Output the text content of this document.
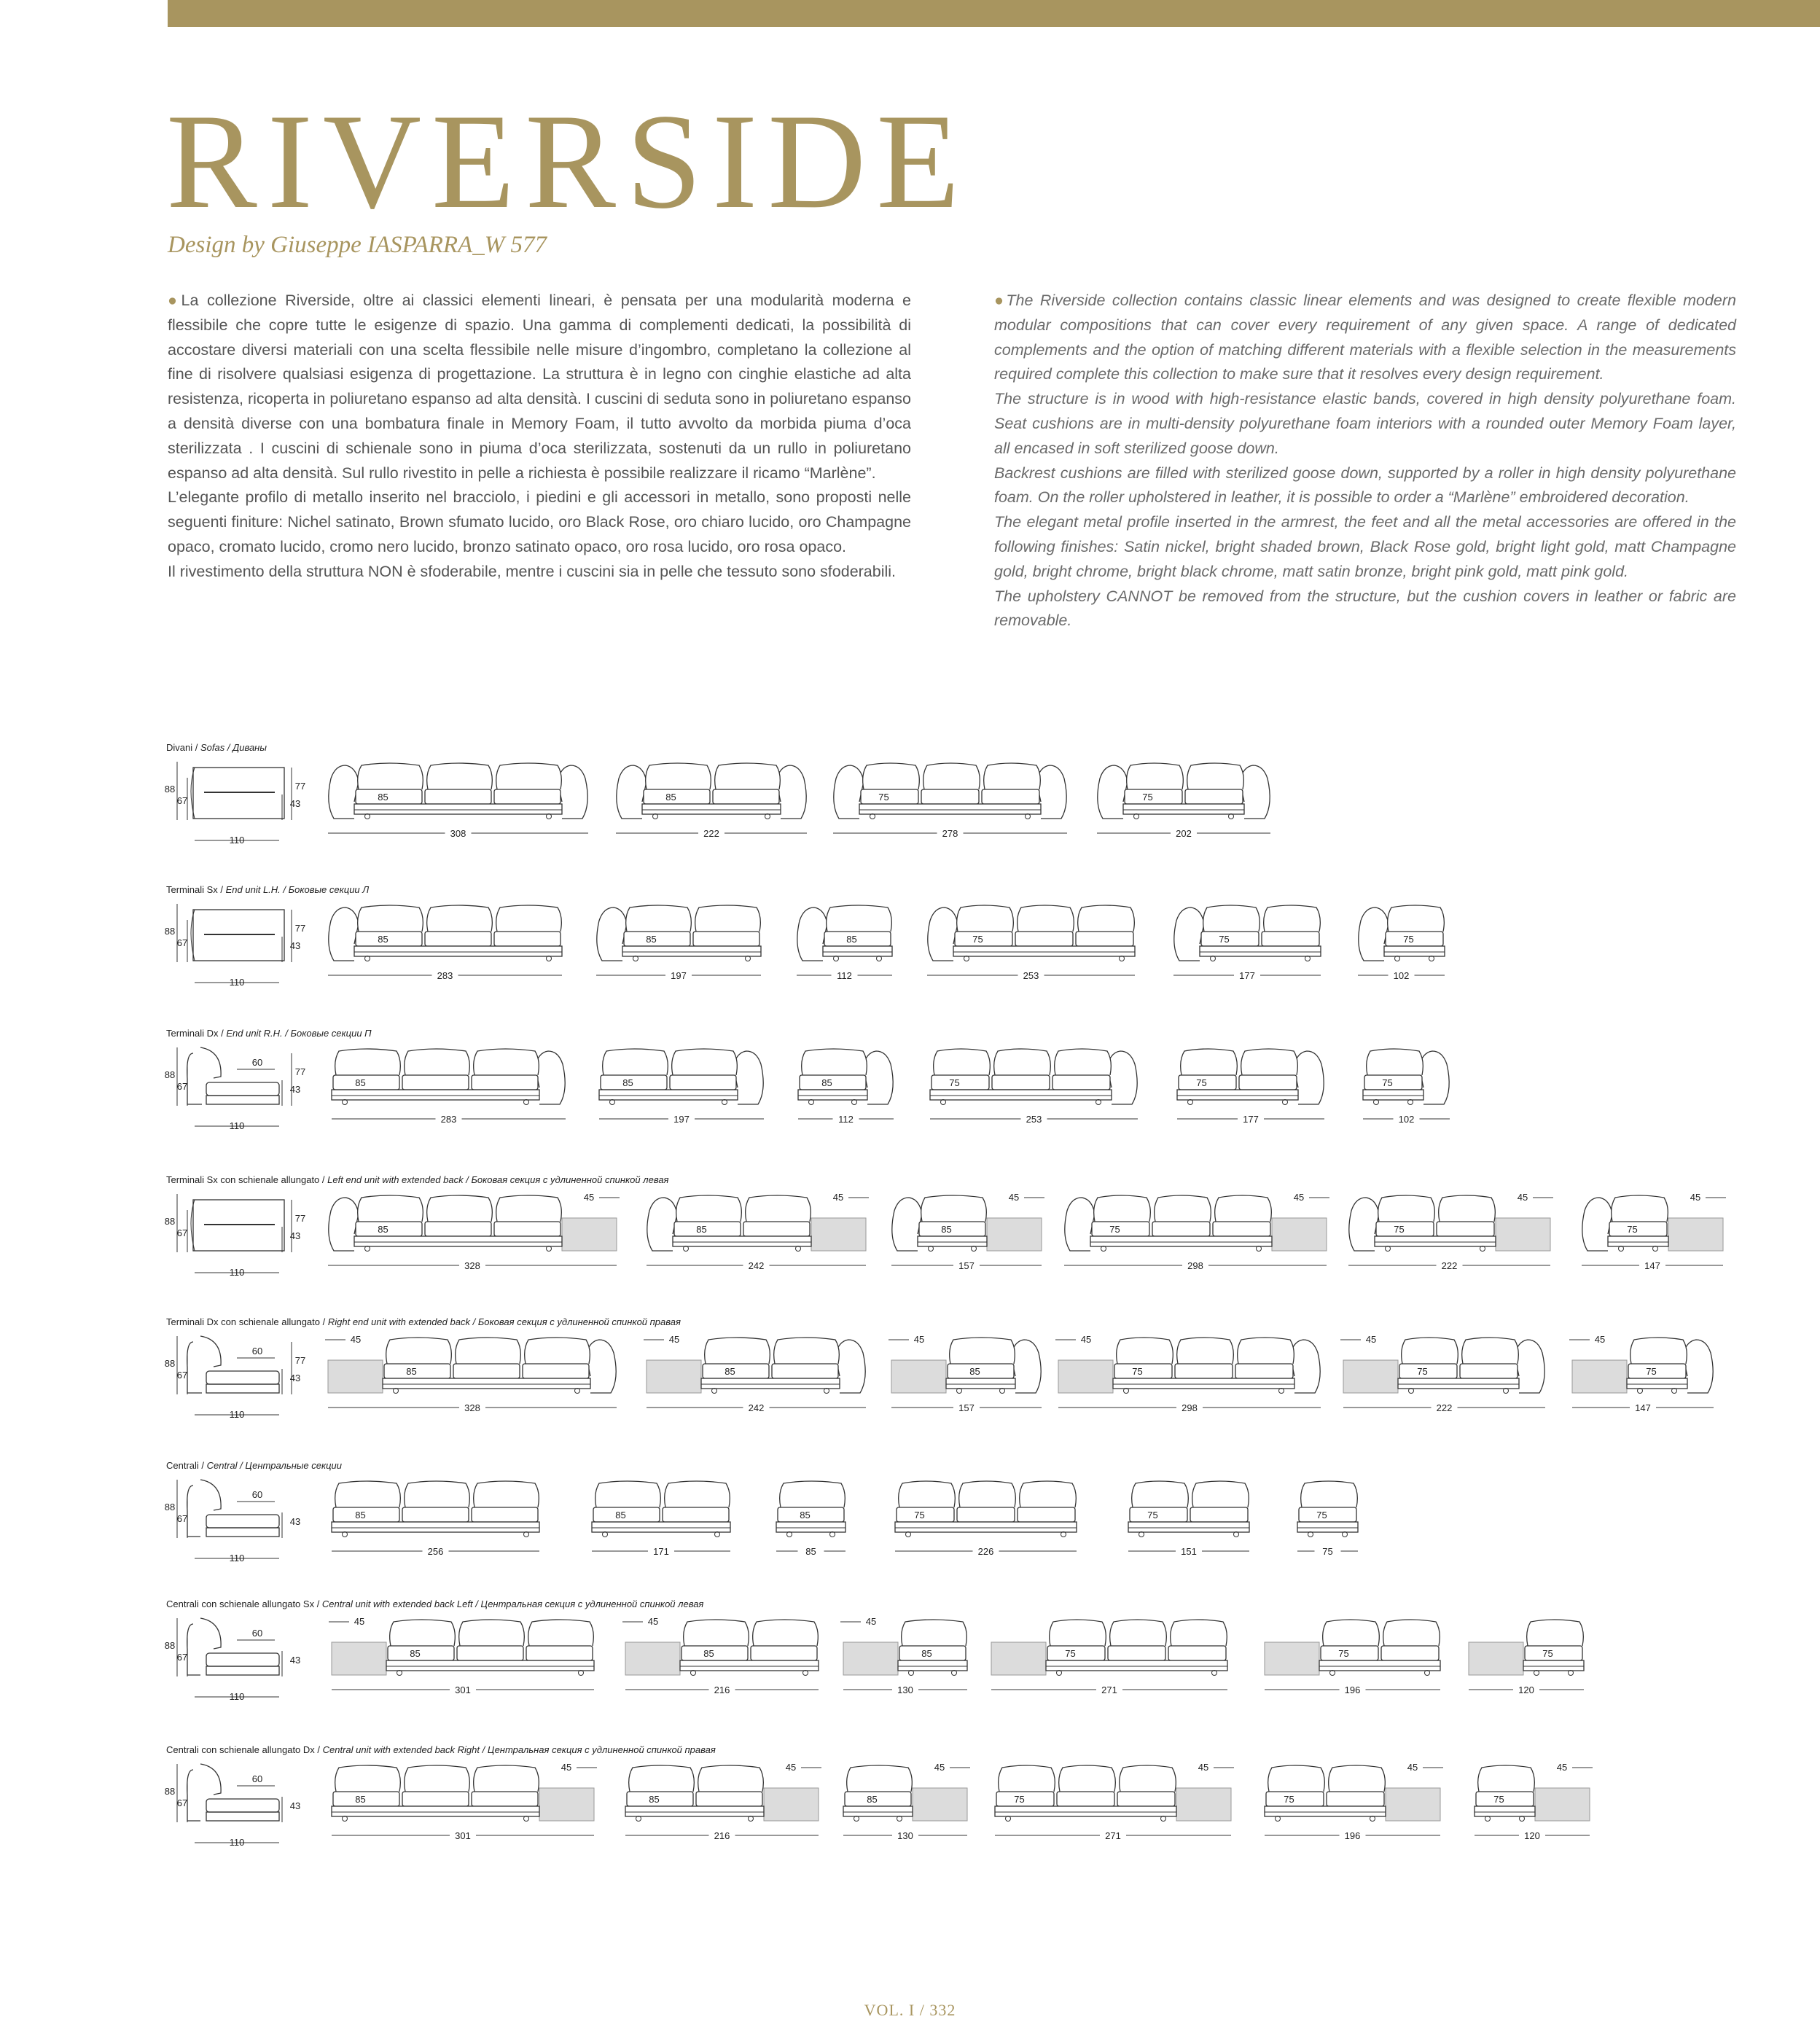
RIVERSIDE

Design by Giuseppe IASPARRA_W 577

●La collezione Riverside, oltre ai classici elementi lineari, è pensata per una modularità moderna e flessibile che copre tutte le esigenze di spazio. Una gamma di complementi dedicati, la possibilità di accostare diversi materiali con una scelta flessibile nelle misure d’ingombro, completano la collezione al fine di risolvere qualsiasi esigenza di progettazione. La struttura è in legno con cinghie elastiche ad alta resistenza, ricoperta in poliuretano espanso ad alta densità. I cuscini di seduta sono in poliuretano espanso a densità diverse con una bombatura finale in Memory Foam, il tutto avvolto da morbida piuma d’oca sterilizzata . I cuscini di schienale sono in piuma d’oca sterilizzata, sostenuti da un rullo in poliuretano espanso ad alta densità. Sul rullo rivestito in pelle a richiesta è possibile realizzare il ricamo “Marlène”.

L’elegante profilo di metallo inserito nel bracciolo, i piedini e gli accessori in metallo, sono proposti nelle seguenti finiture: Nichel satinato, Brown sfumato lucido, oro Black Rose, oro chiaro lucido, oro Champagne opaco, cromato lucido, cromo nero lucido, bronzo satinato opaco, oro rosa lucido, oro rosa opaco.

Il rivestimento della struttura NON è sfoderabile, mentre i cuscini sia in pelle che tessuto sono sfoderabili.

●The Riverside collection contains classic linear elements and was designed to create flexible modern modular compositions that can cover every requirement of any given space. A range of dedicated complements and the option of matching different materials with a flexible selection in the measurements required complete this collection to make sure that it resolves every design requirement.

The structure is in wood with high-resistance elastic bands, covered in high density polyurethane foam. Seat cushions are in multi-density polyurethane foam interiors with a rounded outer Memory Foam layer, all encased in soft sterilized goose down.

Backrest cushions are filled with sterilized goose down, supported by a roller in high density polyurethane foam. On the roller upholstered in leather, it is possible to order a “Marlène” embroidered decoration.

The elegant metal profile inserted in the armrest, the feet and all the metal accessories are offered in the following finishes: Satin nickel, bright shaded brown, Black Rose gold, bright light gold, matt Champagne gold, bright chrome, bright black chrome, matt satin bronze, bright pink gold, matt pink gold.

The upholstery CANNOT be removed from the structure, but the cushion covers in leather or fabric are removable.

Divani / Sofas / Диваны
Terminali Sx / End unit L.H. / Боковые секции Л
Terminali Dx / End unit R.H. / Боковые секции П
Terminali Sx con schienale allungato / Left end unit with extended back / Боковая секция с удлиненной спинкой левая
Terminali Dx con schienale allungato / Right end unit with extended back / Боковая секция с удлиненной спинкой правая
Centrali / Central / Центральные секции
Centrali con schienale allungato Sx / Central unit with extended back Left / Центральная секция с удлиненной спинкой левая
Centrali con schienale allungato Dx / Central unit with extended back Right / Центральная секция с удлиненной спинкой правая
88
67
77
43
110
85
308
85
222
75
278
75
202
88
67
77
43
110
85
283
85
197
85
112
75
253
75
177
75
102
88
67
60
77
43
110
85
283
85
197
85
112
75
253
75
177
75
102
88
67
77
43
110
45
85
328
45
85
242
45
85
157
45
75
298
45
75
222
45
75
147
88
67
60
77
43
110
45
85
328
45
85
242
45
85
157
45
75
298
45
75
222
45
75
147
88
67
60
43
110
85
256
85
171
85
85
75
226
75
151
75
75
88
67
60
43
110
45
85
301
45
85
216
45
85
130
75
271
75
196
75
120
88
67
60
43
110
45
85
301
45
85
216
45
85
130
45
75
271
45
75
196
45
75
120
VOL. I / 332
